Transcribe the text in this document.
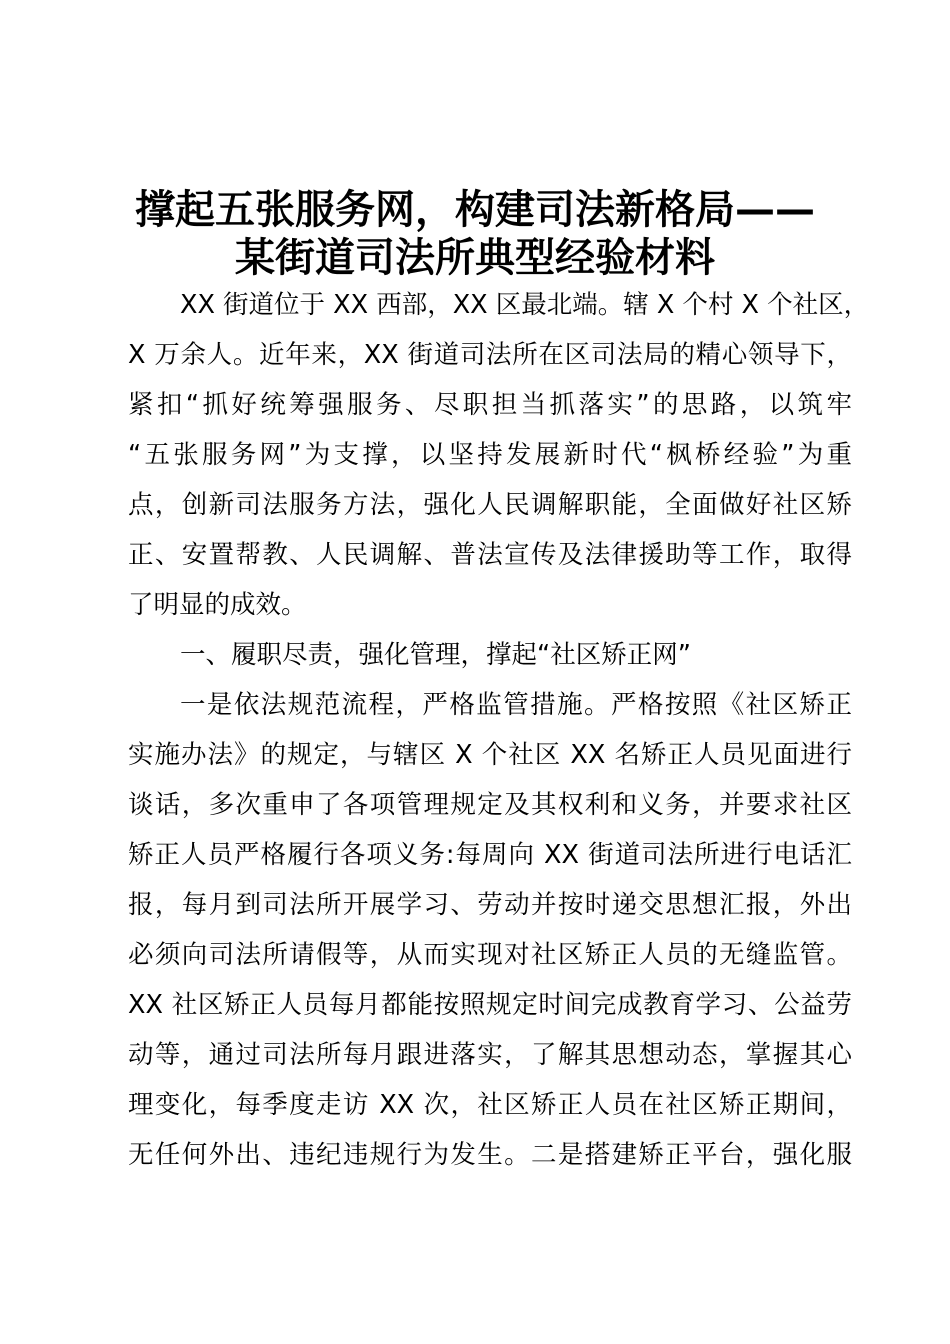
撑起五张服务网，构建司法新格局——
某街道司法所典型经验材料
XX 街道位于 XX 西部，XX 区最北端。辖 X 个村 X 个社区，
X 万余人。近年来，XX 街道司法所在区司法局的精心领导下，
紧扣“抓好统筹强服务、尽职担当抓落实”的思路，以筑牢
“五张服务网”为支撑，以坚持发展新时代“枫桥经验”为重
点，创新司法服务方法，强化人民调解职能，全面做好社区矫
正、安置帮教、人民调解、普法宣传及法律援助等工作，取得
了明显的成效。
一、履职尽责，强化管理，撑起“社区矫正网”
一是依法规范流程，严格监管措施。严格按照《社区矫正
实施办法》的规定，与辖区 X 个社区 XX 名矫正人员见面进行
谈话，多次重申了各项管理规定及其权利和义务，并要求社区
矫正人员严格履行各项义务:每周向 XX 街道司法所进行电话汇
报，每月到司法所开展学习、劳动并按时递交思想汇报，外出
必须向司法所请假等，从而实现对社区矫正人员的无缝监管。
XX 社区矫正人员每月都能按照规定时间完成教育学习、公益劳
动等，通过司法所每月跟进落实，了解其思想动态，掌握其心
理变化，每季度走访 XX 次，社区矫正人员在社区矫正期间，
无任何外出、违纪违规行为发生。二是搭建矫正平台，强化服
